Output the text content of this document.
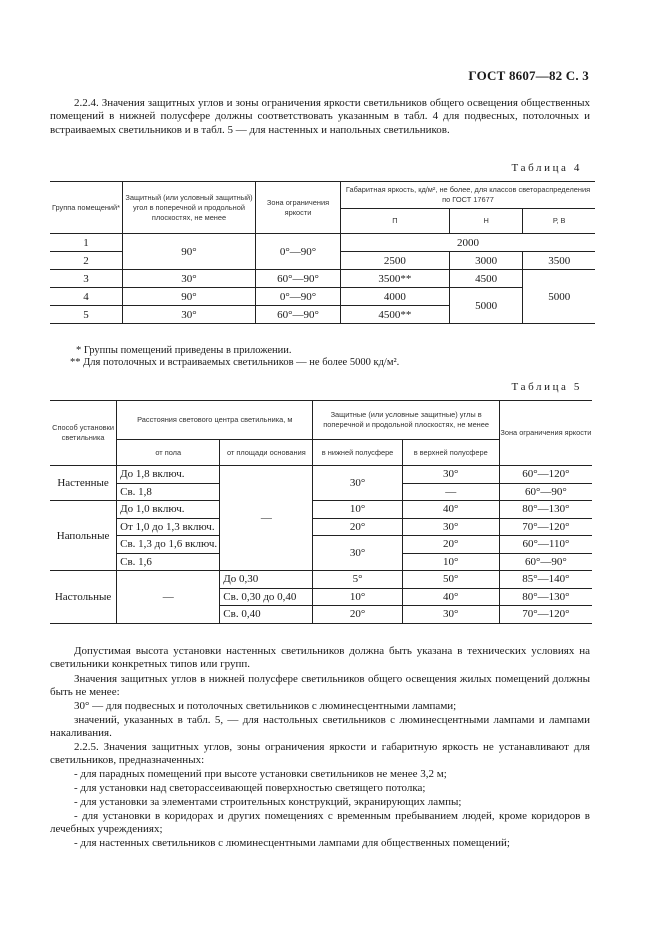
ГОСТ 8607—82 С. 3
2.2.4. Значения защитных углов и зоны ограничения яркости светильников общего освещения общественных помещений в нижней полусфере должны соответствовать указанным в табл. 4 для подвесных, потолочных и встраиваемых светильников и в табл. 5 — для настенных и напольных светильников.
Таблица 4
Группа помещений*	Защитный (или условный защитный) угол в поперечной и продольной плоскостях, не менее	Зона ограничения яркости	Габаритная яркость, кд/м², не более, для классов светораспределения по ГОСТ 17677		
			П	Н	Р, В
1	90°	0°—90°	2000		
2			2500	3000	3500
3	30°	60°—90°	3500**	4500	5000
4	90°	0°—90°	4000	5000	
5	30°	60°—90°	4500**		
* Группы помещений приведены в приложении.
** Для потолочных и встраиваемых светильников — не более 5000 кд/м².
Таблица 5
Способ установки светильника	Расстояния светового центра светильника, м		Защитные (или условные защитные) углы в поперечной и продольной плоскостях, не менее		Зона ограничения яркости
	от пола	от площади основания	в нижней полусфере	в верхней полусфере	
Настенные	До 1,8 включ.	—	30°	30°	60°—120°
	Св. 1,8			—	60°—90°
Напольные	До 1,0 включ.		10°	40°	80°—130°
	От 1,0 до 1,3 включ.		20°	30°	70°—120°
	Св. 1,3 до 1,6 включ.		30°	20°	60°—110°
	Св. 1,6			10°	60°—90°
Настольные	—	До 0,30	5°	50°	85°—140°
		Св. 0,30 до 0,40	10°	40°	80°—130°
		Св. 0,40	20°	30°	70°—120°
Допустимая высота установки настенных светильников должна быть указана в технических условиях на светильники конкретных типов или групп.
Значения защитных углов в нижней полусфере светильников общего освещения жилых помещений должны быть не менее:
30° — для подвесных и потолочных светильников с люминесцентными лампами;
значений, указанных в табл. 5, — для настольных светильников с люминесцентными лампами и лампами накаливания.
2.2.5. Значения защитных углов, зоны ограничения яркости и габаритную яркость не устанавливают для светильников, предназначенных:
- для парадных помещений при высоте установки светильников не менее 3,2 м;
- для установки над светорассеивающей поверхностью светящего потолка;
- для установки за элементами строительных конструкций, экранирующих лампы;
- для установки в коридорах и других помещениях с временным пребыванием людей, кроме коридоров в лечебных учреждениях;
- для настенных светильников с люминесцентными лампами для общественных помещений;
